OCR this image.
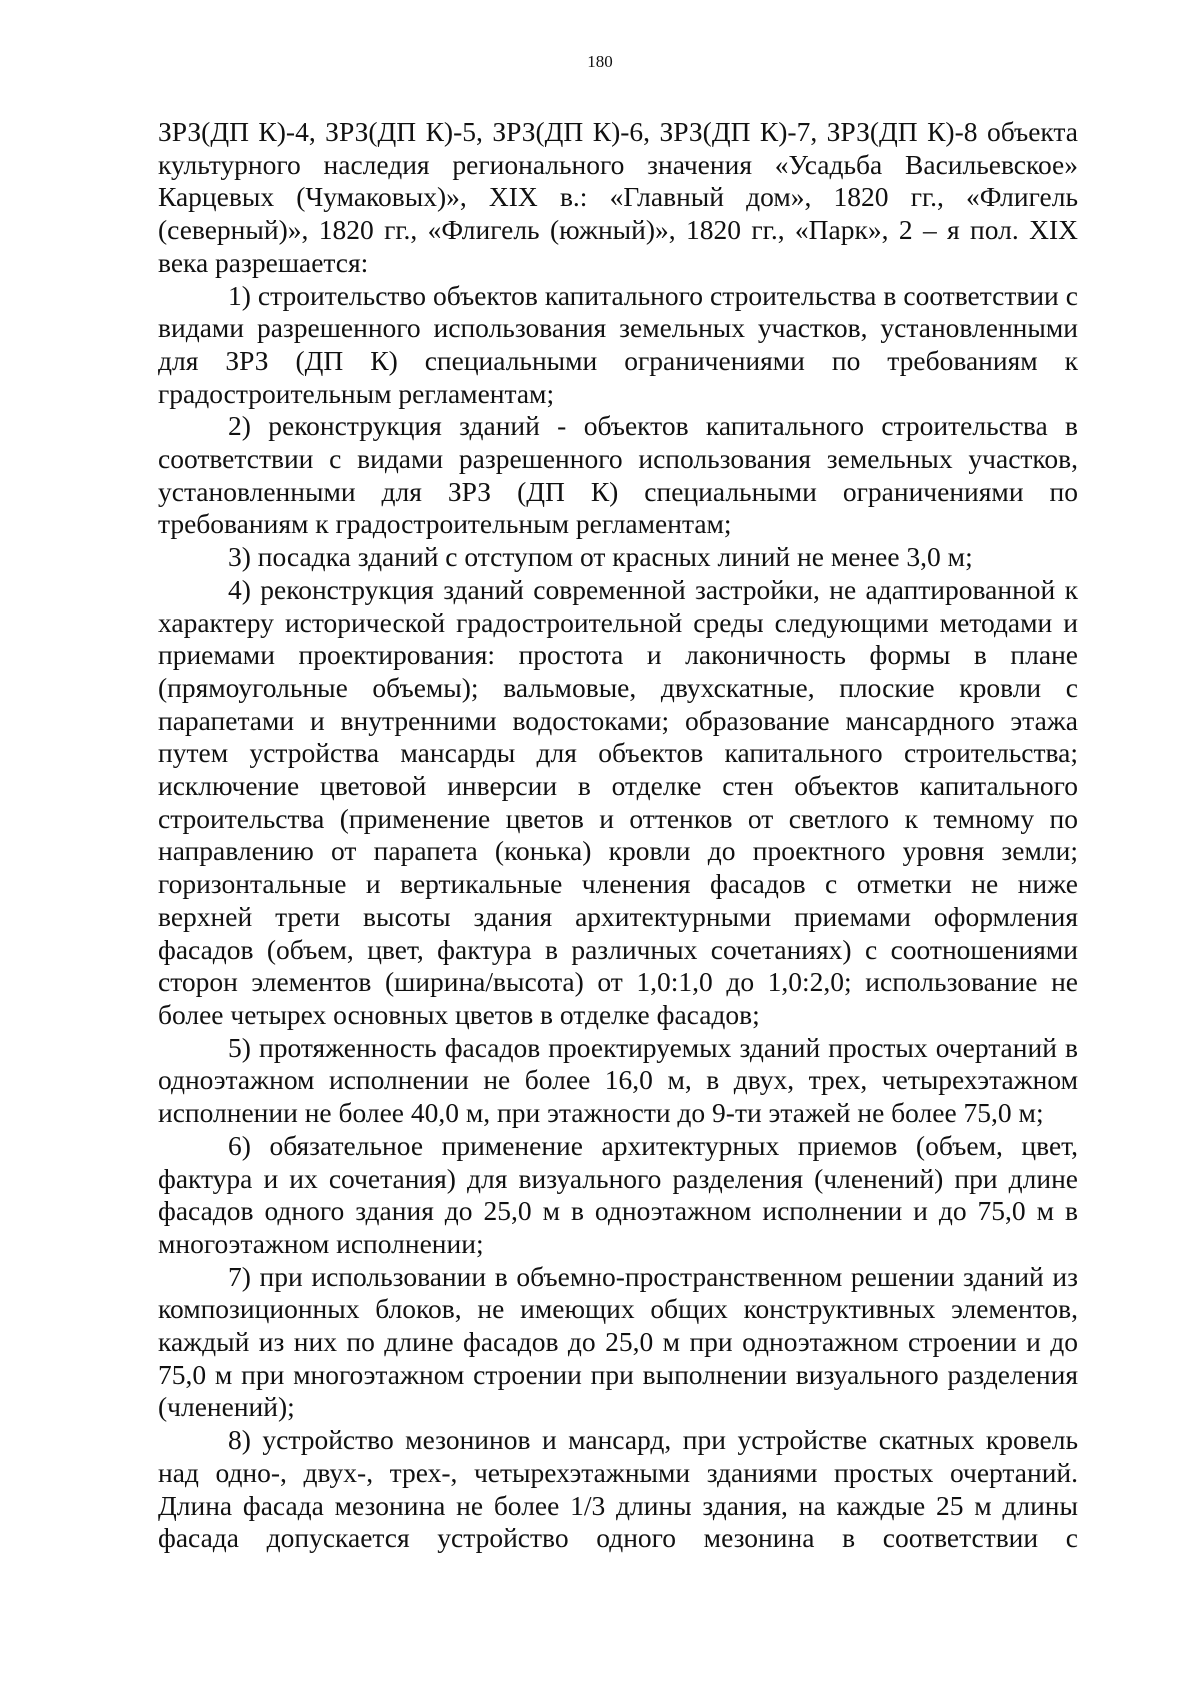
180

ЗРЗ(ДП К)-4, ЗРЗ(ДП К)-5, ЗРЗ(ДП К)-6, ЗРЗ(ДП К)-7, ЗРЗ(ДП К)-8 объекта культурного наследия регионального значения «Усадьба Васильевское» Карцевых (Чумаковых)», XIX в.: «Главный дом», 1820 гг., «Флигель (северный)», 1820 гг., «Флигель (южный)», 1820 гг., «Парк», 2 – я пол. XIX века разрешается:

1) строительство объектов капитального строительства в соответствии с видами разрешенного использования земельных участков, установленными для ЗРЗ (ДП К) специальными ограничениями по требованиям к градостроительным регламентам;

2) реконструкция зданий - объектов капитального строительства в соответствии с видами разрешенного использования земельных участков, установленными для ЗРЗ (ДП К) специальными ограничениями по требованиям к градостроительным регламентам;

3) посадка зданий с отступом от красных линий не менее 3,0 м;

4) реконструкция зданий современной застройки, не адаптированной к характеру исторической градостроительной среды следующими методами и приемами проектирования: простота и лаконичность формы в плане (прямоугольные объемы); вальмовые, двухскатные, плоские кровли с парапетами и внутренними водостоками; образование мансардного этажа путем устройства мансарды для объектов капитального строительства; исключение цветовой инверсии в отделке стен объектов капитального строительства (применение цветов и оттенков от светлого к темному по направлению от парапета (конька) кровли до проектного уровня земли; горизонтальные и вертикальные членения фасадов с отметки не ниже верхней трети высоты здания архитектурными приемами оформления фасадов (объем, цвет, фактура в различных сочетаниях) с соотношениями сторон элементов (ширина/высота) от 1,0:1,0 до 1,0:2,0; использование не более четырех основных цветов в отделке фасадов;

5) протяженность фасадов проектируемых зданий простых очертаний в одноэтажном исполнении не более 16,0 м, в двух, трех, четырехэтажном исполнении не более 40,0 м, при этажности до 9-ти этажей не более 75,0 м;

6) обязательное применение архитектурных приемов (объем, цвет, фактура и их сочетания) для визуального разделения (членений) при длине фасадов одного здания до 25,0 м в одноэтажном исполнении и до 75,0 м в многоэтажном исполнении;

7) при использовании в объемно-пространственном решении зданий из композиционных блоков, не имеющих общих конструктивных элементов, каждый из них по длине фасадов до 25,0 м при одноэтажном строении и до 75,0 м при многоэтажном строении при выполнении визуального разделения (членений);

8) устройство мезонинов и мансард, при устройстве скатных кровель над одно-, двух-, трех-, четырехэтажными зданиями простых очертаний. Длина фасада мезонина не более 1/3 длины здания, на каждые 25 м длины фасада допускается устройство одного мезонина в соответствии с
